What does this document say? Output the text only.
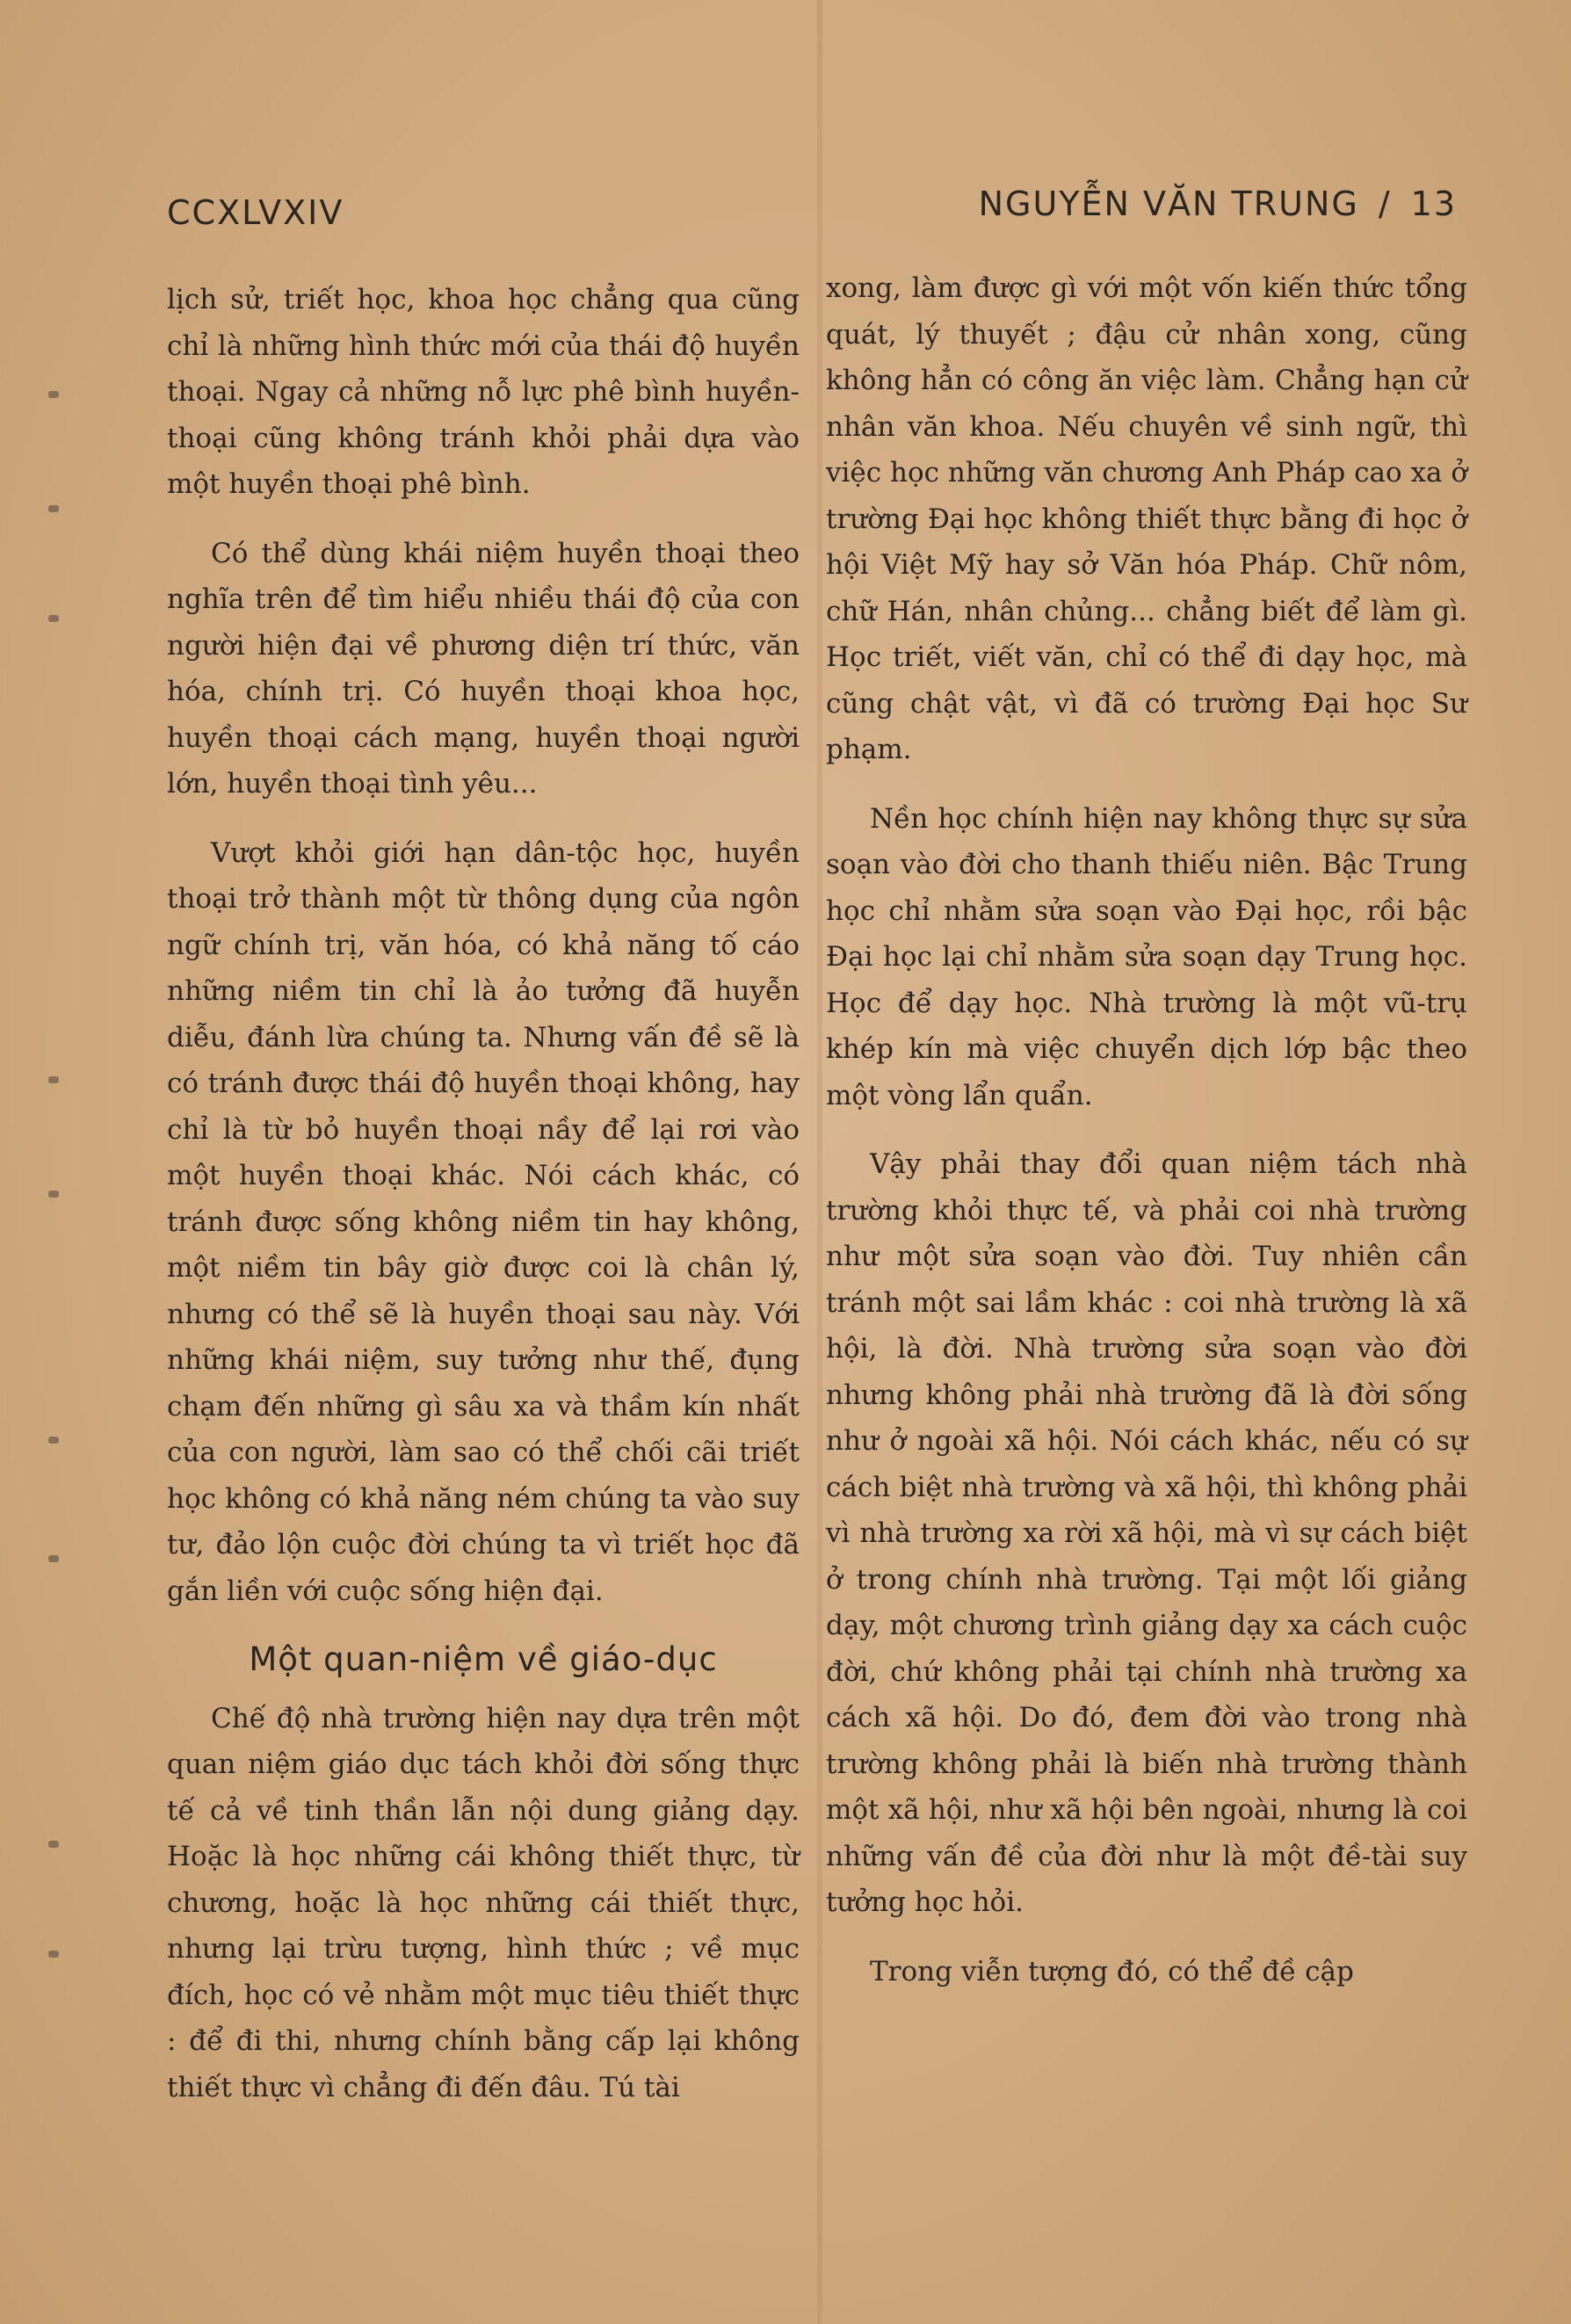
CCXLVXIV	NGUYỄN VĂN TRUNG / 13

lịch sử, triết học, khoa học chẳng qua cũng chỉ là những hình thức mới của thái độ huyền thoại. Ngay cả những nỗ lực phê bình huyền-thoại cũng không tránh khỏi phải dựa vào một huyền thoại phê bình.

Có thể dùng khái niệm huyền thoại theo nghĩa trên để tìm hiểu nhiều thái độ của con người hiện đại về phương diện trí thức, văn hóa, chính trị. Có huyền thoại khoa học, huyền thoại cách mạng, huyền thoại người lớn, huyền thoại tình yêu...

Vượt khỏi giới hạn dân-tộc học, huyền thoại trở thành một từ thông dụng của ngôn ngữ chính trị, văn hóa, có khả năng tố cáo những niềm tin chỉ là ảo tưởng đã huyễn diễu, đánh lừa chúng ta. Nhưng vấn đề sẽ là có tránh được thái độ huyền thoại không, hay chỉ là từ bỏ huyền thoại nầy để lại rơi vào một huyền thoại khác. Nói cách khác, có tránh được sống không niềm tin hay không, một niềm tin bây giờ được coi là chân lý, nhưng có thể sẽ là huyền thoại sau này. Với những khái niệm, suy tưởng như thế, đụng chạm đến những gì sâu xa và thầm kín nhất của con người, làm sao có thể chối cãi triết học không có khả năng ném chúng ta vào suy tư, đảo lộn cuộc đời chúng ta vì triết học đã gắn liền với cuộc sống hiện đại.

Một quan-niệm về giáo-dục

Chế độ nhà trường hiện nay dựa trên một quan niệm giáo dục tách khỏi đời sống thực tế cả về tinh thần lẫn nội dung giảng dạy. Hoặc là học những cái không thiết thực, từ chương, hoặc là học những cái thiết thực, nhưng lại trừu tượng, hình thức ; về mục đích, học có vẻ nhằm một mục tiêu thiết thực : để đi thi, nhưng chính bằng cấp lại không thiết thực vì chẳng đi đến đâu. Tú tài

xong, làm được gì với một vốn kiến thức tổng quát, lý thuyết ; đậu cử nhân xong, cũng không hẳn có công ăn việc làm. Chẳng hạn cử nhân văn khoa. Nếu chuyên về sinh ngữ, thì việc học những văn chương Anh Pháp cao xa ở trường Đại học không thiết thực bằng đi học ở hội Việt Mỹ hay sở Văn hóa Pháp. Chữ nôm, chữ Hán, nhân chủng... chẳng biết để làm gì. Học triết, viết văn, chỉ có thể đi dạy học, mà cũng chật vật, vì đã có trường Đại học Sư phạm.

Nền học chính hiện nay không thực sự sửa soạn vào đời cho thanh thiếu niên. Bậc Trung học chỉ nhằm sửa soạn vào Đại học, rồi bậc Đại học lại chỉ nhằm sửa soạn dạy Trung học. Học để dạy học. Nhà trường là một vũ-trụ khép kín mà việc chuyển dịch lớp bậc theo một vòng lẩn quẩn.

Vậy phải thay đổi quan niệm tách nhà trường khỏi thực tế, và phải coi nhà trường như một sửa soạn vào đời. Tuy nhiên cần tránh một sai lầm khác : coi nhà trường là xã hội, là đời. Nhà trường sửa soạn vào đời nhưng không phải nhà trường đã là đời sống như ở ngoài xã hội. Nói cách khác, nếu có sự cách biệt nhà trường và xã hội, thì không phải vì nhà trường xa rời xã hội, mà vì sự cách biệt ở trong chính nhà trường. Tại một lối giảng dạy, một chương trình giảng dạy xa cách cuộc đời, chứ không phải tại chính nhà trường xa cách xã hội. Do đó, đem đời vào trong nhà trường không phải là biến nhà trường thành một xã hội, như xã hội bên ngoài, nhưng là coi những vấn đề của đời như là một đề-tài suy tưởng học hỏi.

Trong viễn tượng đó, có thể đề cập
